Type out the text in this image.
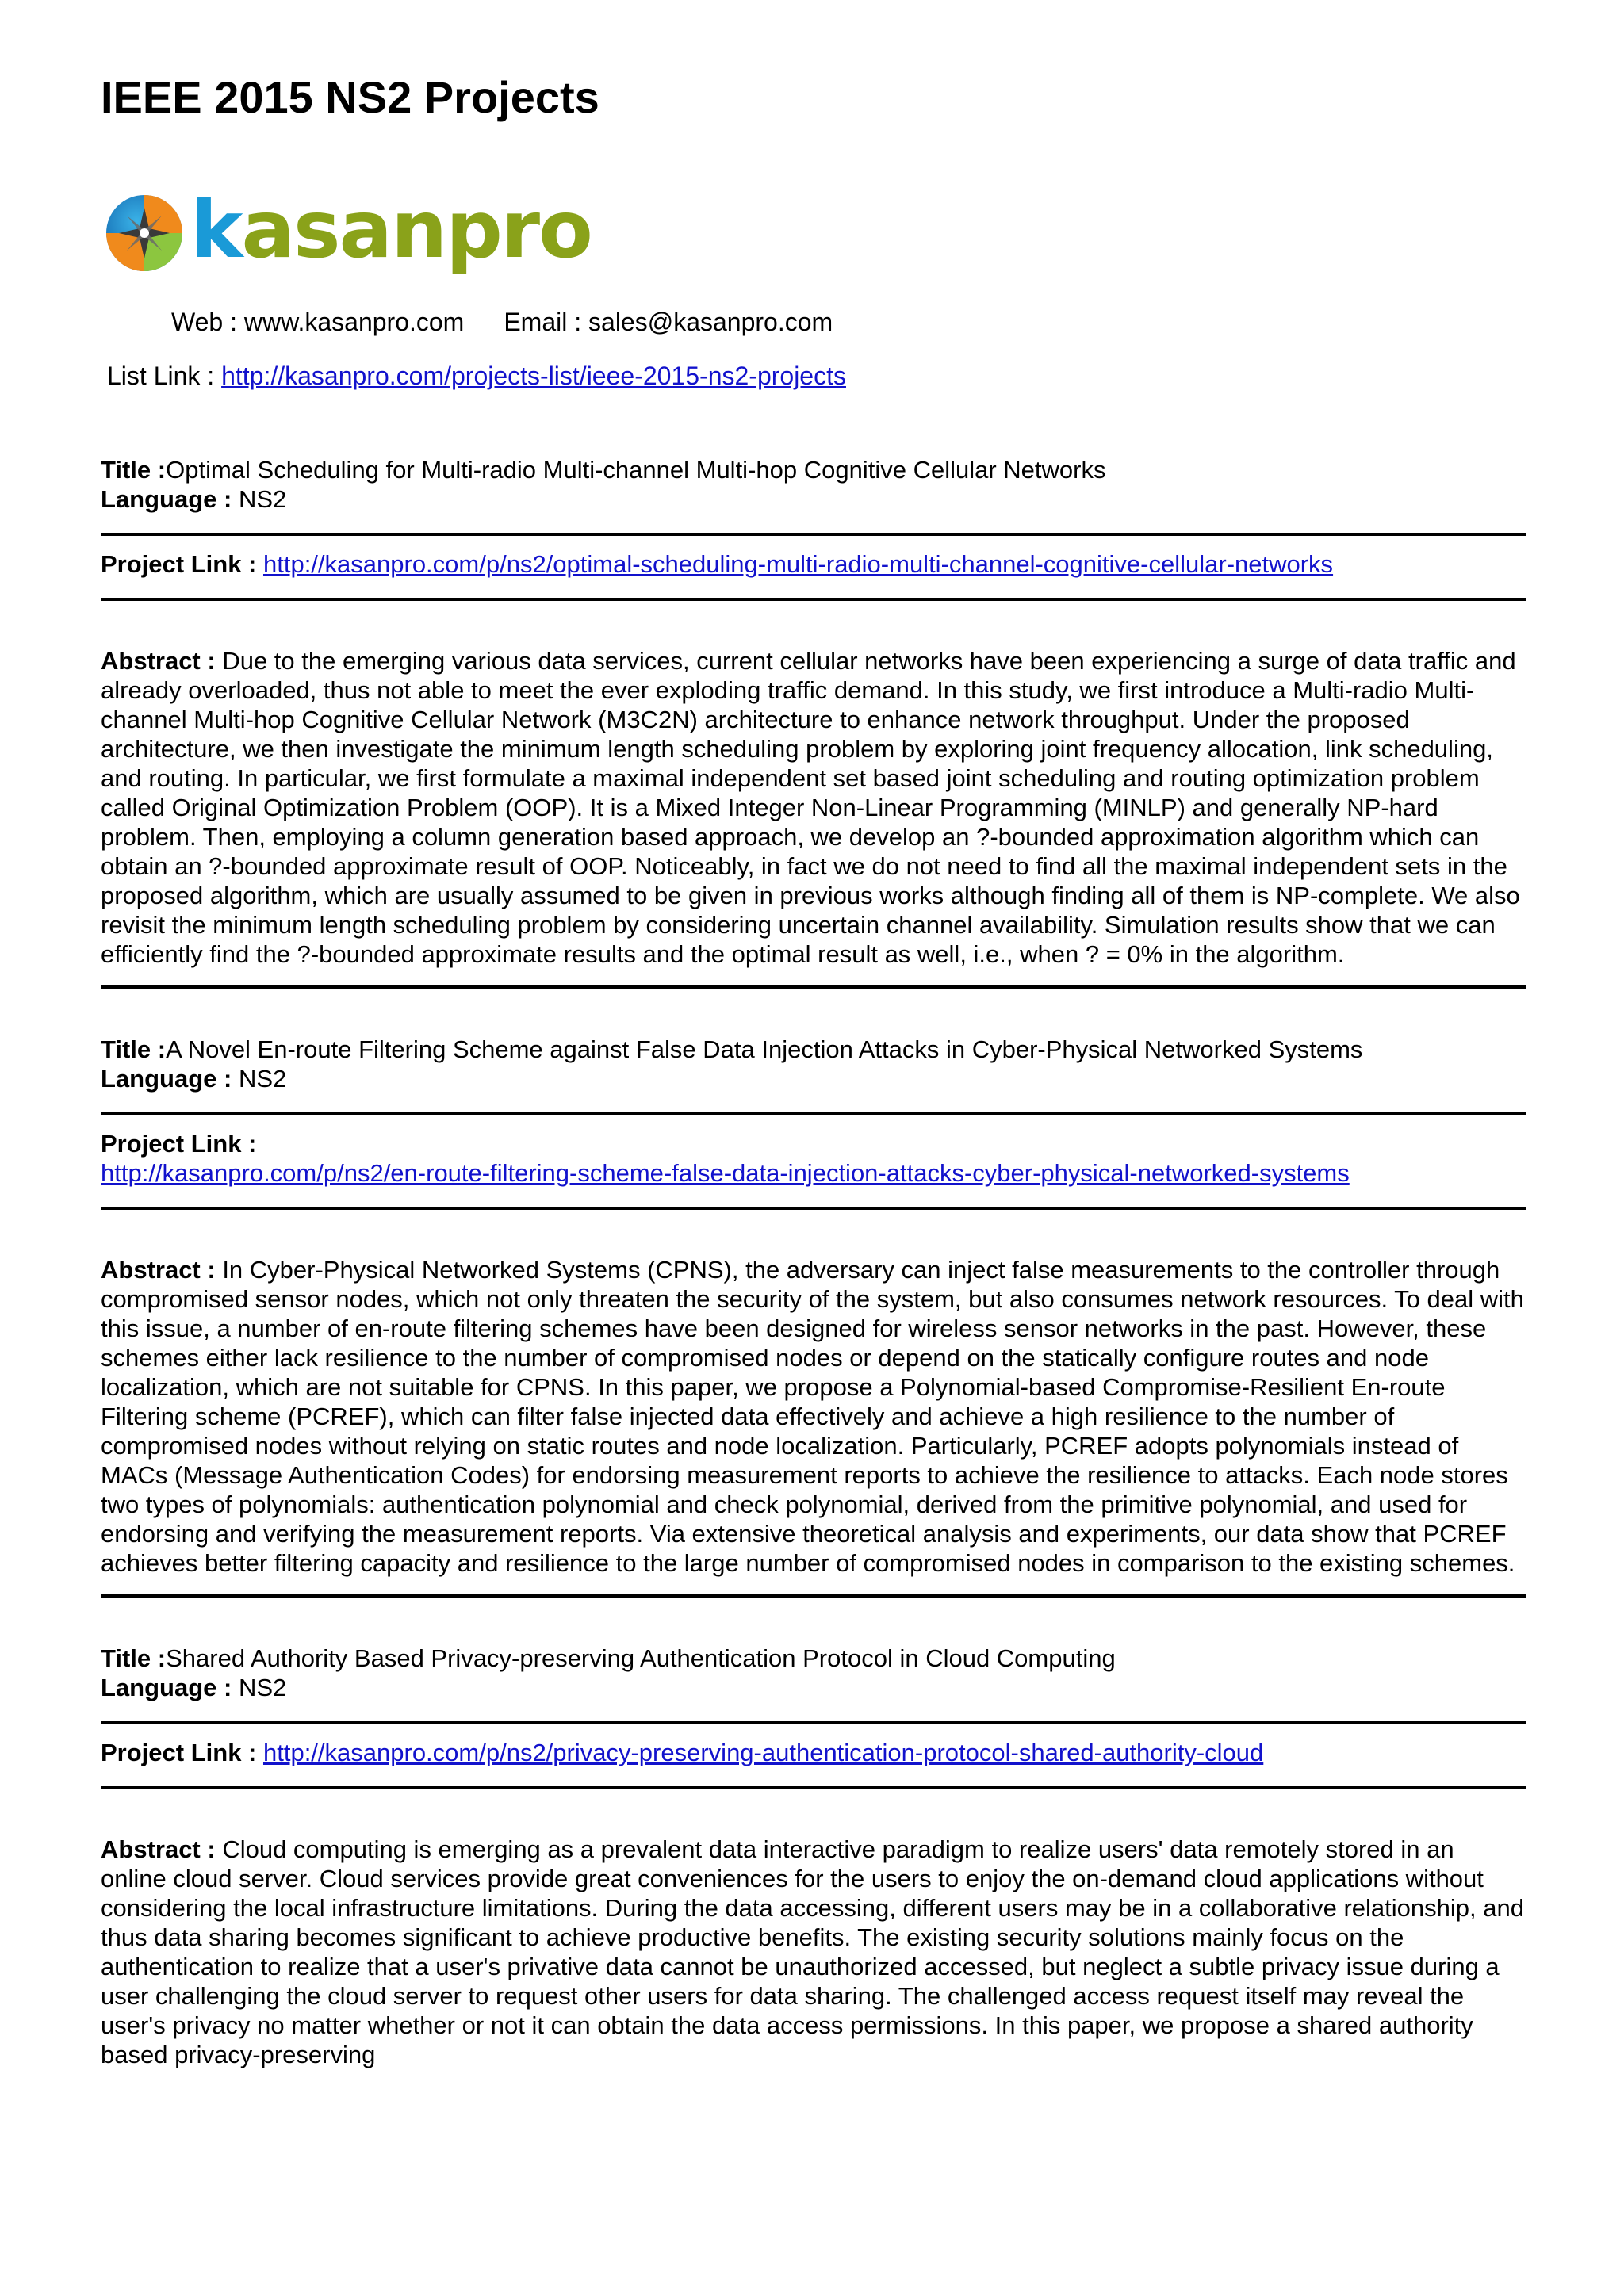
IEEE 2015 NS2 Projects
kasanpro
Web : www.kasanpro.com Email : sales@kasanpro.com
List Link : http://kasanpro.com/projects-list/ieee-2015-ns2-projects
Title :Optimal Scheduling for Multi-radio Multi-channel Multi-hop Cognitive Cellular Networks
Language : NS2
Project Link : http://kasanpro.com/p/ns2/optimal-scheduling-multi-radio-multi-channel-cognitive-cellular-networks

Abstract : Due to the emerging various data services, current cellular networks have been experiencing a surge of data traffic and already overloaded, thus not able to meet the ever exploding traffic demand. In this study, we first introduce a Multi-radio Multi-channel Multi-hop Cognitive Cellular Network (M3C2N) architecture to enhance network throughput. Under the proposed architecture, we then investigate the minimum length scheduling problem by exploring joint frequency allocation, link scheduling, and routing. In particular, we first formulate a maximal independent set based joint scheduling and routing optimization problem called Original Optimization Problem (OOP). It is a Mixed Integer Non-Linear Programming (MINLP) and generally NP-hard problem. Then, employing a column generation based approach, we develop an ?-bounded approximation algorithm which can obtain an ?-bounded approximate result of OOP. Noticeably, in fact we do not need to find all the maximal independent sets in the proposed algorithm, which are usually assumed to be given in previous works although finding all of them is NP-complete. We also revisit the minimum length scheduling problem by considering uncertain channel availability. Simulation results show that we can efficiently find the ?-bounded approximate results and the optimal result as well, i.e., when ? = 0% in the algorithm.

Title :A Novel En-route Filtering Scheme against False Data Injection Attacks in Cyber-Physical Networked Systems
Language : NS2
Project Link :
http://kasanpro.com/p/ns2/en-route-filtering-scheme-false-data-injection-attacks-cyber-physical-networked-systems

Abstract : In Cyber-Physical Networked Systems (CPNS), the adversary can inject false measurements to the controller through compromised sensor nodes, which not only threaten the security of the system, but also consumes network resources. To deal with this issue, a number of en-route filtering schemes have been designed for wireless sensor networks in the past. However, these schemes either lack resilience to the number of compromised nodes or depend on the statically configure routes and node localization, which are not suitable for CPNS. In this paper, we propose a Polynomial-based Compromise-Resilient En-route Filtering scheme (PCREF), which can filter false injected data effectively and achieve a high resilience to the number of compromised nodes without relying on static routes and node localization. Particularly, PCREF adopts polynomials instead of MACs (Message Authentication Codes) for endorsing measurement reports to achieve the resilience to attacks. Each node stores two types of polynomials: authentication polynomial and check polynomial, derived from the primitive polynomial, and used for endorsing and verifying the measurement reports. Via extensive theoretical analysis and experiments, our data show that PCREF achieves better filtering capacity and resilience to the large number of compromised nodes in comparison to the existing schemes.

Title :Shared Authority Based Privacy-preserving Authentication Protocol in Cloud Computing
Language : NS2
Project Link : http://kasanpro.com/p/ns2/privacy-preserving-authentication-protocol-shared-authority-cloud

Abstract : Cloud computing is emerging as a prevalent data interactive paradigm to realize users' data remotely stored in an online cloud server. Cloud services provide great conveniences for the users to enjoy the on-demand cloud applications without considering the local infrastructure limitations. During the data accessing, different users may be in a collaborative relationship, and thus data sharing becomes significant to achieve productive benefits. The existing security solutions mainly focus on the authentication to realize that a user's privative data cannot be unauthorized accessed, but neglect a subtle privacy issue during a user challenging the cloud server to request other users for data sharing. The challenged access request itself may reveal the user's privacy no matter whether or not it can obtain the data access permissions. In this paper, we propose a shared authority based privacy-preserving
